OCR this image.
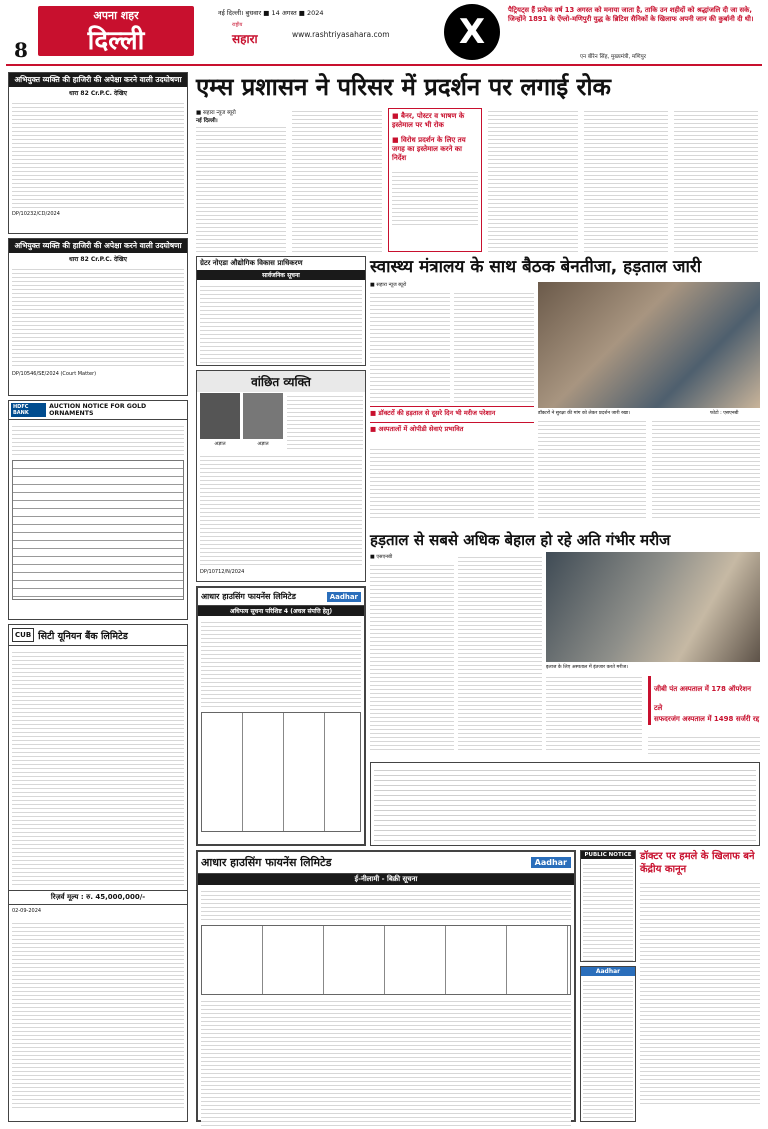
8
अपना शहर
दिल्ली
नई दिल्ली। बुधवार ■ 14 अगस्त ■ 2024
राष्ट्रीय
सहारा	www.rashtriyasahara.com	X
पैट्रियट्स हैं प्रत्येक वर्ष 13 अगस्त को मनाया जाता है, ताकि उन शहीदों को श्रद्धांजलि दी जा सके, जिन्होंने 1891 के ऐंग्लो-मणिपुरी युद्ध के ब्रिटिश सैनिकों के खिलाफ अपनी जान की कुर्बानी दी थी।
एन बीरेन सिंह, मुख्यमंत्री, मणिपुर
अभियुक्त व्यक्ति की हाजिरी की अपेक्षा करने वाली उदघोषणा
धारा 82 Cr.P.C. देखिए
DP/10232/CD/2024
अभियुक्त व्यक्ति की हाजिरी की अपेक्षा करने वाली उदघोषणा
धारा 82 Cr.P.C. देखिए
DP/10546/SE/2024 (Court Matter)
HDFC BANK
AUCTION NOTICE FOR GOLD ORNAMENTS
CUB सिटी यूनियन बैंक लिमिटेड
रिज़र्व मूल्य : रु. 45,000,000/-
02-09-2024
एम्स प्रशासन ने परिसर में प्रदर्शन पर लगाई रोक
■ सहारा न्यूज ब्यूरो
नई दिल्ली।
■ बैनर, पोस्टर व भाषण के इस्तेमाल पर भी रोक
■ विरोध प्रदर्शन के लिए तय जगह का इस्तेमाल करने का निर्देश
ग्रेटर नोएडा औद्योगिक विकास प्राधिकरण
सार्वजनिक सूचना
वांछित व्यक्ति
अज्ञात	अज्ञात
DP/10712/N/2024
स्वास्थ्य मंत्रालय के साथ बैठक बेनतीजा, हड़ताल जारी
■ सहारा न्यूज ब्यूरो
डॉक्टरों ने सुरक्षा की मांग को लेकर प्रदर्शन जारी रखा।	फोटो : एसएनबी
■ डॉक्टरों की हड़ताल से दूसरे दिन भी मरीज परेशान
■ अस्पतालों में ओपीडी सेवाएं प्रभावित
हड़ताल से सबसे अधिक बेहाल हो रहे अति गंभीर मरीज
■ एसएनबी
इलाज के लिए अस्पताल में इंतजार करते मरीज।
जीबी पंत अस्पताल में 178 ऑपरेशन टले
सफदरजंग अस्पताल में 1498 सर्जरी रद्द
आधार हाउसिंग फायनेंस लिमिटेड	Aadhar
अधिपत्य सूचना परिशिष्ट 4 (अचल संपत्ति हेतु)
आधार हाउसिंग फायनेंस लिमिटेड	Aadhar
ई-नीलामी - बिक्री सूचना
PUBLIC NOTICE
Aadhar
डॉक्टर पर हमले के खिलाफ बने केंद्रीय कानून
